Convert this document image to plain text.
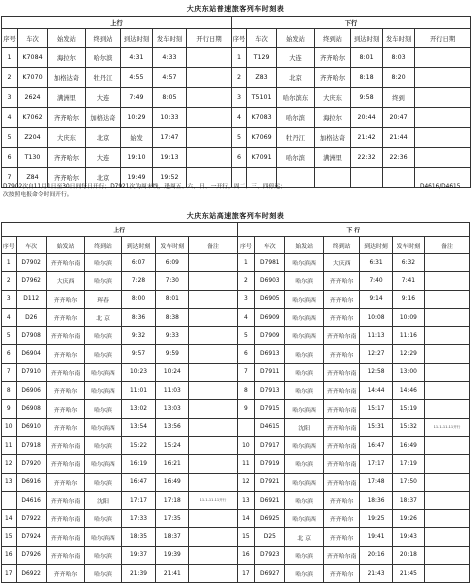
大庆东站普速旅客列车时刻表
上行							下行						
序号	车次	始发站	终到站	到达时刻	发车时刻	开行日期	序号	车次	始发站	终到站	到达时刻	发车时刻	开行日期
1	K7084	海拉尔	哈尔滨	4:31	4:33		1	T129	大连	齐齐哈尔	8:01	8:03	
2	K7070	加格达奇	牡丹江	4:55	4:57		2	Z83	北京	齐齐哈尔	8:18	8:20	
3	2624	满洲里	大连	7:49	8:05		3	T5101	哈尔滨东	大庆东	9:58	终到	
4	K7062	齐齐哈尔	加格达奇	10:29	10:33		4	K7083	哈尔滨	海拉尔	20:44	20:47	
5	Z204	大庆东	北京	始发	17:47		5	K7069	牡丹江	加格达奇	21:42	21:44	
6	T130	齐齐哈尔	大连	19:10	19:13		6	K7091	哈尔滨	满洲里	22:32	22:36	
7	Z84	齐齐哈尔	北京	19:49	19:52								
D7902次自11月1日至30日间每日开行；D7921次为周末线，逢周五、六、日、一开行，周二、三、四停运；
次按照电报命令时间开行。
D4616/D4615
大庆东站高速旅客列车时刻表
上行							下 行						
序号	车次	始发站	终到站	到达时刻	发车时刻	备注	序号	车次	始发站	终到站	到达时刻	发车时刻	备注
1	D7902	齐齐哈尔南	哈尔滨	6:07	6:09		1	D7981	哈尔滨西	大庆西	6:31	6:32	
2	D7962	大庆西	哈尔滨	7:28	7:30		2	D6903	哈尔滨	齐齐哈尔	7:40	7:41	
3	D112	齐齐哈尔	珲春	8:00	8:01		3	D6905	哈尔滨西	齐齐哈尔	9:14	9:16	
4	D26	齐齐哈尔	北 京	8:36	8:38		4	D6909	哈尔滨西	齐齐哈尔	10:08	10:09	
5	D7908	齐齐哈尔南	哈尔滨	9:32	9:33		5	D7909	哈尔滨西	齐齐哈尔南	11:13	11:16	
6	D6904	齐齐哈尔	哈尔滨	9:57	9:59		6	D6913	哈尔滨	齐齐哈尔	12:27	12:29	
7	D7910	齐齐哈尔南	哈尔滨西	10:23	10:24		7	D7911	哈尔滨	齐齐哈尔南	12:58	13:00	
8	D6906	齐齐哈尔	哈尔滨西	11:01	11:03		8	D7913	哈尔滨	齐齐哈尔南	14:44	14:46	
9	D6908	齐齐哈尔	哈尔滨	13:02	13:03		9	D7915	哈尔滨西	齐齐哈尔南	15:17	15:19	
10	D6910	齐齐哈尔	哈尔滨西	13:54	13:56			D4615	沈阳	齐齐哈尔南	15:31	15:32	11.1-11.11开行
11	D7918	齐齐哈尔南	哈尔滨	15:22	15:24		10	D7917	哈尔滨西	齐齐哈尔南	16:47	16:49	
12	D7920	齐齐哈尔南	哈尔滨西	16:19	16:21		11	D7919	哈尔滨	齐齐哈尔南	17:17	17:19	
13	D6916	齐齐哈尔	哈尔滨	16:47	16:49		12	D7921	哈尔滨西	齐齐哈尔南	17:48	17:50	
	D4616	齐齐哈尔南	沈阳	17:17	17:18	11.1-11.11开行	13	D6921	哈尔滨	齐齐哈尔	18:36	18:37	
14	D7922	齐齐哈尔南	哈尔滨	17:33	17:35		14	D6925	哈尔滨西	齐齐哈尔	19:25	19:26	
15	D7924	齐齐哈尔南	哈尔滨西	18:35	18:37		15	D25	北 京	齐齐哈尔	19:41	19:43	
16	D7926	齐齐哈尔南	哈尔滨	19:37	19:39		16	D7923	哈尔滨	齐齐哈尔南	20:16	20:18	
17	D6922	齐齐哈尔	哈尔滨	21:39	21:41		17	D6927	哈尔滨	齐齐哈尔	21:43	21:45	
